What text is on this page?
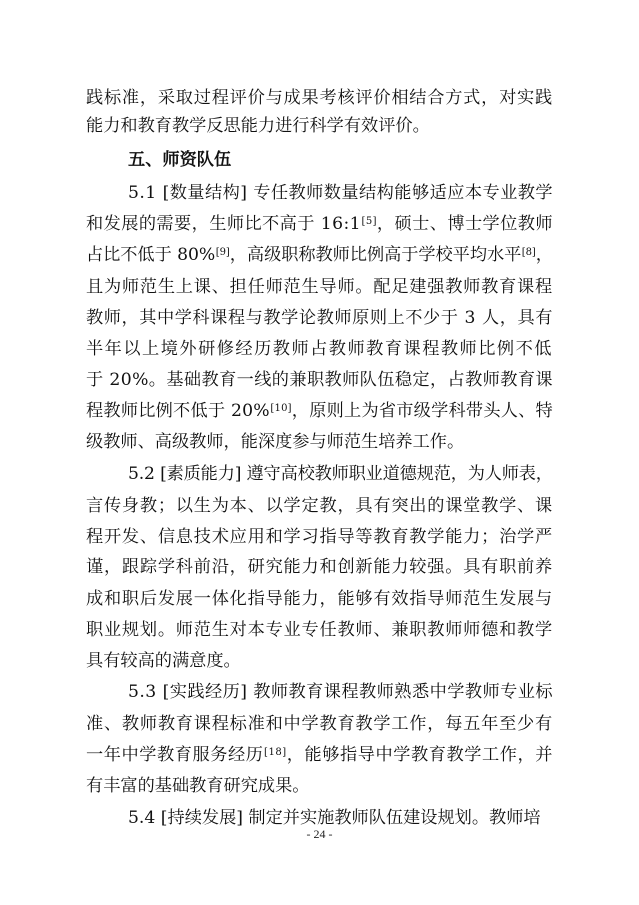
践标准，采取过程评价与成果考核评价相结合方式，对实践
能力和教育教学反思能力进行科学有效评价。
五、师资队伍
5.1 [数量结构] 专任教师数量结构能够适应本专业教学
和发展的需要，生师比不高于 16:1[5]，硕士、博士学位教师
占比不低于 80%[9]，高级职称教师比例高于学校平均水平[8]，
且为师范生上课、担任师范生导师。配足建强教师教育课程
教师，其中学科课程与教学论教师原则上不少于 3 人，具有
半年以上境外研修经历教师占教师教育课程教师比例不低
于 20%。基础教育一线的兼职教师队伍稳定，占教师教育课
程教师比例不低于 20%[10]，原则上为省市级学科带头人、特
级教师、高级教师，能深度参与师范生培养工作。
5.2 [素质能力] 遵守高校教师职业道德规范，为人师表，
言传身教；以生为本、以学定教，具有突出的课堂教学、课
程开发、信息技术应用和学习指导等教育教学能力；治学严
谨，跟踪学科前沿，研究能力和创新能力较强。具有职前养
成和职后发展一体化指导能力，能够有效指导师范生发展与
职业规划。师范生对本专业专任教师、兼职教师师德和教学
具有较高的满意度。
5.3 [实践经历] 教师教育课程教师熟悉中学教师专业标
准、教师教育课程标准和中学教育教学工作，每五年至少有
一年中学教育服务经历[18]，能够指导中学教育教学工作，并
有丰富的基础教育研究成果。
5.4 [持续发展] 制定并实施教师队伍建设规划。教师培
- 24 -
